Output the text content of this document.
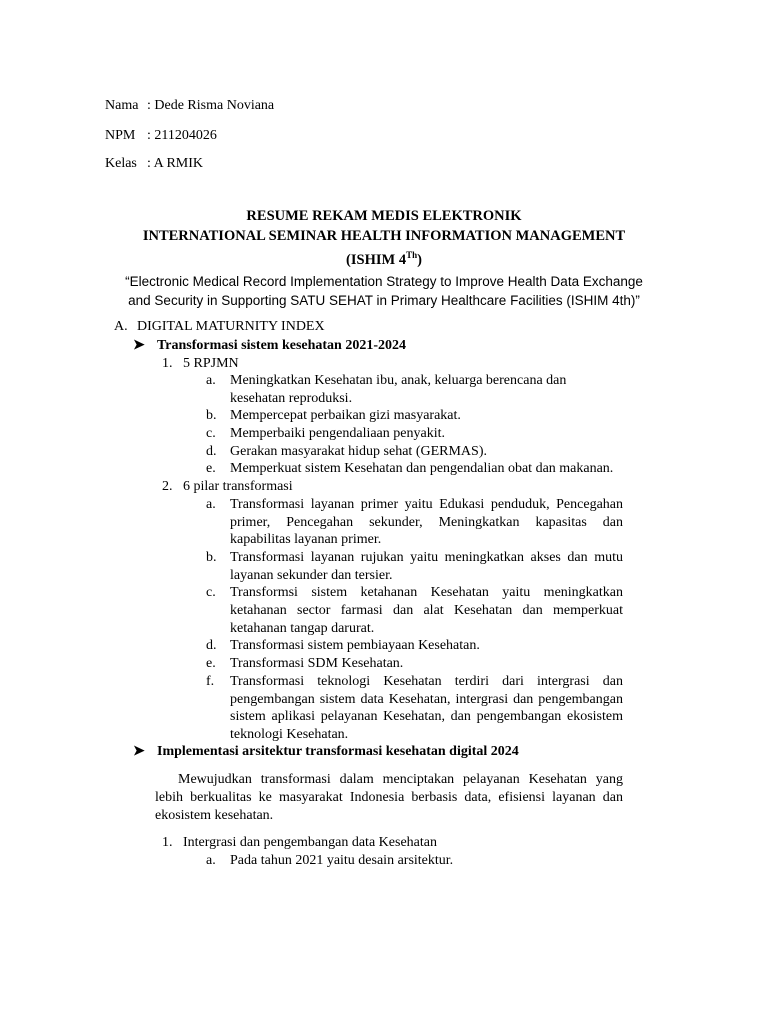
Nama : Dede Risma Noviana
NPM : 211204026
Kelas : A RMIK
RESUME REKAM MEDIS ELEKTRONIK
INTERNATIONAL SEMINAR HEALTH INFORMATION MANAGEMENT
(ISHIM 4Th)
“Electronic Medical Record Implementation Strategy to Improve Health Data Exchange
and Security in Supporting SATU SEHAT in Primary Healthcare Facilities (ISHIM 4th)”
A. DIGITAL MATURNITY INDEX
➤ Transformasi sistem kesehatan 2021-2024
1. 5 RPJMN
a. Meningkatkan Kesehatan ibu, anak, keluarga berencana dan
kesehatan reproduksi.
b. Mempercepat perbaikan gizi masyarakat.
c. Memperbaiki pengendaliaan penyakit.
d. Gerakan masyarakat hidup sehat (GERMAS).
e. Memperkuat sistem Kesehatan dan pengendalian obat dan makanan.
2. 6 pilar transformasi
a. Transformasi layanan primer yaitu Edukasi penduduk, Pencegahan
primer, Pencegahan sekunder, Meningkatkan kapasitas dan
kapabilitas layanan primer.
b. Transformasi layanan rujukan yaitu meningkatkan akses dan mutu
layanan sekunder dan tersier.
c. Transformsi sistem ketahanan Kesehatan yaitu meningkatkan
ketahanan sector farmasi dan alat Kesehatan dan memperkuat
ketahanan tangap darurat.
d. Transformasi sistem pembiayaan Kesehatan.
e. Transformasi SDM Kesehatan.
f. Transformasi teknologi Kesehatan terdiri dari intergrasi dan
pengembangan sistem data Kesehatan, intergrasi dan pengembangan
sistem aplikasi pelayanan Kesehatan, dan pengembangan ekosistem
teknologi Kesehatan.
➤ Implementasi arsitektur transformasi kesehatan digital 2024
Mewujudkan transformasi dalam menciptakan pelayanan Kesehatan yang
lebih berkualitas ke masyarakat Indonesia berbasis data, efisiensi layanan dan
ekosistem kesehatan.
1. Intergrasi dan pengembangan data Kesehatan
a. Pada tahun 2021 yaitu desain arsitektur.
